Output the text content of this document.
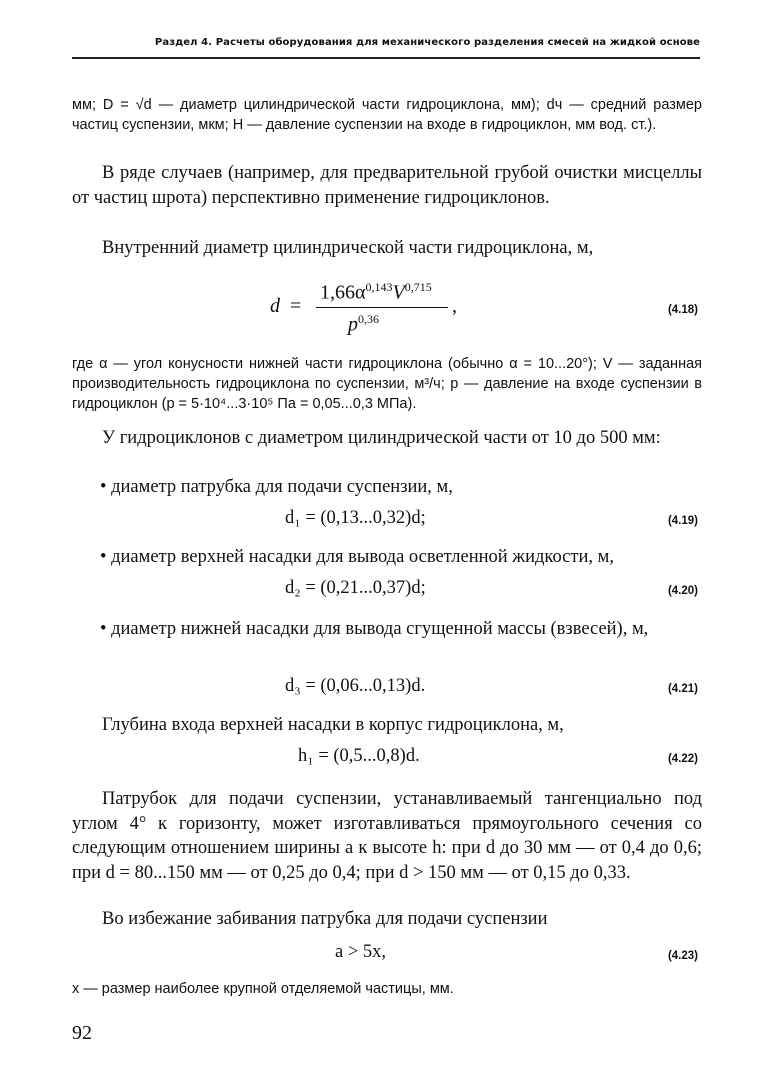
Раздел 4. Расчеты оборудования для механического разделения смесей на жидкой основе
мм; D = √d — диаметр цилиндрической части гидроциклона, мм); dч — средний размер частиц суспензии, мкм; H — давление суспензии на входе в гидроциклон, мм вод. ст.).
В ряде случаев (например, для предварительной грубой очистки мисцеллы от частиц шрота) перспективно применение гидроциклонов.
Внутренний диаметр цилиндрической части гидроциклона, м,
d =
$1,66\alpha^{0,143}V^{0,715}$
$p^{0,36}$
,	(4.18)
где α — угол конусности нижней части гидроциклона (обычно α = 10...20°); V — заданная производительность гидроциклона по суспензии, м³/ч; p — давление на входе суспензии в гидроциклон (p = 5·10⁴...3·10⁵ Па = 0,05...0,3 МПа).
У гидроциклонов с диаметром цилиндрической части от 10 до 500 мм:
• диаметр патрубка для подачи суспензии, м,
d₁ = (0,13...0,32)d;	(4.19)
• диаметр верхней насадки для вывода осветленной жидкости, м,
d₂ = (0,21...0,37)d;	(4.20)
• диаметр нижней насадки для вывода сгущенной массы (взвесей), м,
d₃ = (0,06...0,13)d.	(4.21)
Глубина входа верхней насадки в корпус гидроциклона, м,
h₁ = (0,5...0,8)d.	(4.22)
Патрубок для подачи суспензии, устанавливаемый тангенциально под углом 4° к горизонту, может изготавливаться прямоугольного сечения со следующим отношением ширины a к высоте h: при d до 30 мм — от 0,4 до 0,6; при d = 80...150 мм — от 0,25 до 0,4; при d > 150 мм — от 0,15 до 0,33.
Во избежание забивания патрубка для подачи суспензии
a > 5x,	(4.23)
x — размер наиболее крупной отделяемой частицы, мм.
92
